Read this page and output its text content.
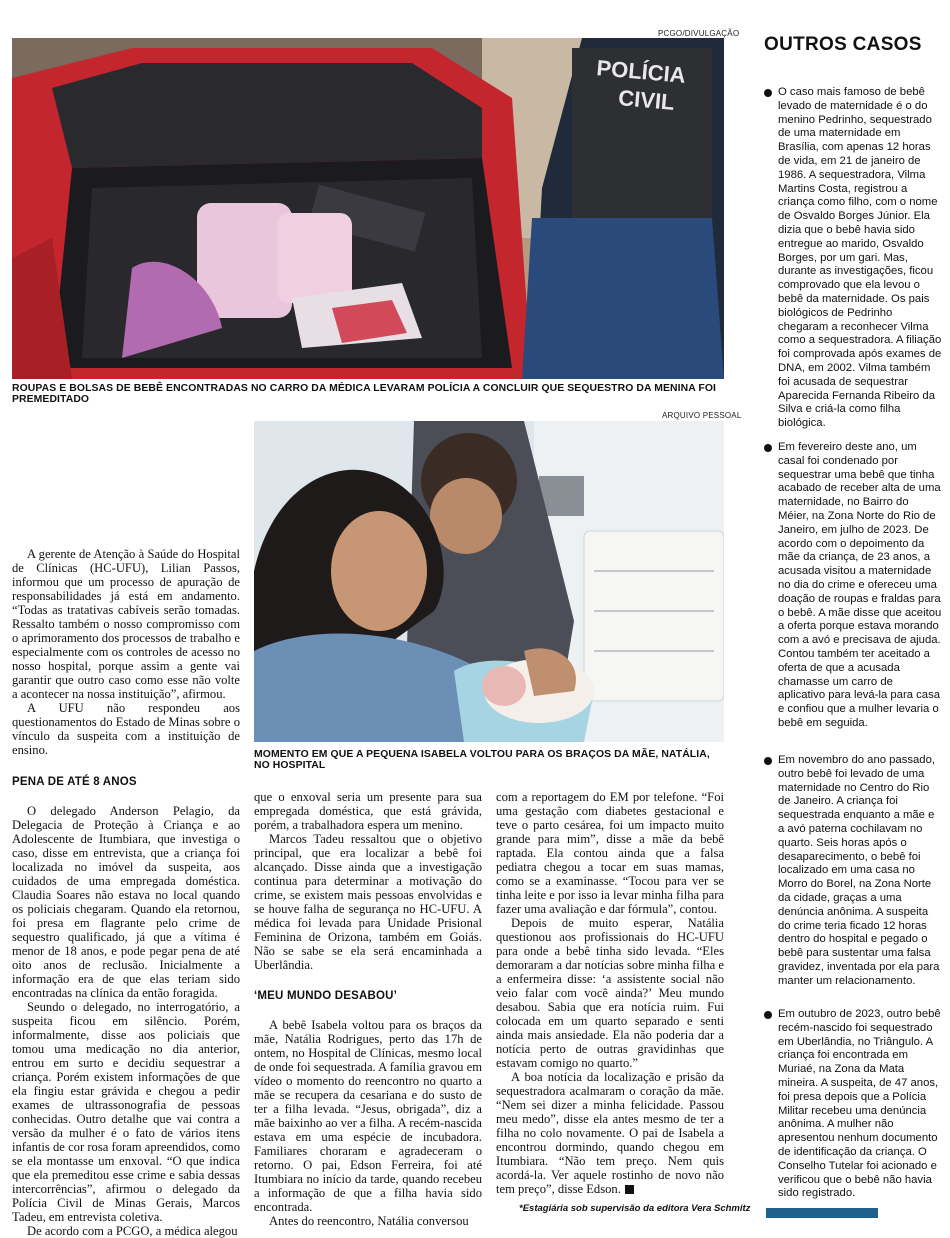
PCGO/DIVULGAÇÃO
POLÍCIA
CIVIL
ROUPAS E BOLSAS DE BEBÊ ENCONTRADAS NO CARRO DA MÉDICA LEVARAM POLÍCIA A CONCLUIR QUE SEQUESTRO DA MENINA FOI PREMEDITADO
ARQUIVO PESSOAL
MOMENTO EM QUE A PEQUENA ISABELA VOLTOU PARA OS BRAÇOS DA MÃE, NATÁLIA, NO HOSPITAL

A gerente de Atenção à Saúde do Hospital de Clínicas (HC-UFU), Lilian Passos, informou que um processo de apuração de responsabilidades já está em andamento. “Todas as tratativas cabíveis serão tomadas. Ressalto também o nosso compromisso com o aprimoramento dos processos de trabalho e especialmente com os controles de acesso no nosso hospital, porque assim a gente vai garantir que outro caso como esse não volte a acontecer na nossa instituição”, afirmou.

A UFU não respondeu aos questionamentos do Estado de Minas sobre o vínculo da suspeita com a instituição de ensino.

PENA DE ATÉ 8 ANOS

O delegado Anderson Pelagio, da Delegacia de Proteção à Criança e ao Adolescente de Itumbiara, que investiga o caso, disse em entrevista, que a criança foi localizada no imóvel da suspeita, aos cuidados de uma empregada doméstica. Claudia Soares não estava no local quando os policiais chegaram. Quando ela retornou, foi presa em flagrante pelo crime de sequestro qualificado, já que a vítima é menor de 18 anos, e pode pegar pena de até oito anos de reclusão. Inicialmente a informação era de que elas teriam sido encontradas na clínica da então foragida.

Seundo o delegado, no interrogatório, a suspeita ficou em silêncio. Porém, informalmente, disse aos policiais que tomou uma medicação no dia anterior, entrou em surto e decidiu sequestrar a criança. Porém existem informações de que ela fingiu estar grávida e chegou a pedir exames de ultrassonografia de pessoas conhecidas. Outro detalhe que vai contra a versão da mulher é o fato de vários itens infantis de cor rosa foram apreendidos, como se ela montasse um enxoval. “O que indica que ela premeditou esse crime e sabia dessas intercorrências”, afirmou o delegado da Polícia Civil de Minas Gerais, Marcos Tadeu, em entrevista coletiva.

De acordo com a PCGO, a médica alegou

que o enxoval seria um presente para sua empregada doméstica, que está grávida, porém, a trabalhadora espera um menino.

Marcos Tadeu ressaltou que o objetivo principal, que era localizar a bebê foi alcançado. Disse ainda que a investigação continua para determinar a motivação do crime, se existem mais pessoas envolvidas e se houve falha de segurança no HC-UFU. A médica foi levada para Unidade Prisional Feminina de Orizona, também em Goiás. Não se sabe se ela será encaminhada a Uberlândia.

‘MEU MUNDO DESABOU’

A bebê Isabela voltou para os braços da mãe, Natália Rodrigues, perto das 17h de ontem, no Hospital de Clínicas, mesmo local de onde foi sequestrada. A família gravou em vídeo o momento do reencontro no quarto a mãe se recupera da cesariana e do susto de ter a filha levada. “Jesus, obrigada”, diz a mãe baixinho ao ver a filha. A recém-nascida estava em uma espécie de incubadora. Familiares choraram e agradeceram o retorno. O pai, Edson Ferreira, foi até Itumbiara no início da tarde, quando recebeu a informação de que a filha havia sido encontrada.

Antes do reencontro, Natália conversou

com a reportagem do EM por telefone. “Foi uma gestação com diabetes gestacional e teve o parto cesárea, foi um impacto muito grande para mim”, disse a mãe da bebê raptada. Ela contou ainda que a falsa pediatra chegou a tocar em suas mamas, como se a examinasse. “Tocou para ver se tinha leite e por isso ia levar minha filha para fazer uma avaliação e dar fórmula”, contou.

Depois de muito esperar, Natália questionou aos profissionais do HC-UFU para onde a bebê tinha sido levada. “Eles demoraram a dar notícias sobre minha filha e a enfermeira disse: ‘a assistente social não veio falar com você ainda?’ Meu mundo desabou. Sabia que era notícia ruim. Fui colocada em um quarto separado e senti ainda mais ansiedade. Ela não poderia dar a notícia perto de outras gravidinhas que estavam comigo no quarto.”

A boa notícia da localização e prisão da sequestradora acalmaram o coração da mãe. “Nem sei dizer a minha felicidade. Passou meu medo”, disse ela antes mesmo de ter a filha no colo novamente. O pai de Isabela a encontrou dormindo, quando chegou em Itumbiara. “Não tem preço. Nem quis acordá-la. Ver aquele rostinho de novo não tem preço”, disse Edson.

*Estagiária sob supervisão da editora Vera Schmitz
OUTROS CASOS
O caso mais famoso de bebê levado de maternidade é o do menino Pedrinho, sequestrado de uma maternidade em Brasília, com apenas 12 horas de vida, em 21 de janeiro de 1986. A sequestradora, Vilma Martins Costa, registrou a criança como filho, com o nome de Osvaldo Borges Júnior. Ela dizia que o bebê havia sido entregue ao marido, Osvaldo Borges, por um gari. Mas, durante as investigações, ficou comprovado que ela levou o bebê da maternidade. Os pais biológicos de Pedrinho chegaram a reconhecer Vilma como a sequestradora. A filiação foi comprovada após exames de DNA, em 2002. Vilma também foi acusada de sequestrar Aparecida Fernanda Ribeiro da Silva e criá-la como filha biológica.
Em fevereiro deste ano, um casal foi condenado por sequestrar uma bebê que tinha acabado de receber alta de uma maternidade, no Bairro do Méier, na Zona Norte do Rio de Janeiro, em julho de 2023. De acordo com o depoimento da mãe da criança, de 23 anos, a acusada visitou a maternidade no dia do crime e ofereceu uma doação de roupas e fraldas para o bebê. A mãe disse que aceitou a oferta porque estava morando com a avó e precisava de ajuda. Contou também ter aceitado a oferta de que a acusada chamasse um carro de aplicativo para levá-la para casa e confiou que a mulher levaria o bebê em seguida.
Em novembro do ano passado, outro bebê foi levado de uma maternidade no Centro do Rio de Janeiro. A criança foi sequestrada enquanto a mãe e a avó paterna cochilavam no quarto. Seis horas após o desaparecimento, o bebê foi localizado em uma casa no Morro do Borel, na Zona Norte da cidade, graças a uma denúncia anônima. A suspeita do crime teria ficado 12 horas dentro do hospital e pegado o bebê para sustentar uma falsa gravidez, inventada por ela para manter um relacionamento.
Em outubro de 2023, outro bebê recém-nascido foi sequestrado em Uberlândia, no Triângulo. A criança foi encontrada em Muriaé, na Zona da Mata mineira. A suspeita, de 47 anos, foi presa depois que a Polícia Militar recebeu uma denúncia anônima. A mulher não apresentou nenhum documento de identificação da criança. O Conselho Tutelar foi acionado e verificou que o bebê não havia sido registrado.
